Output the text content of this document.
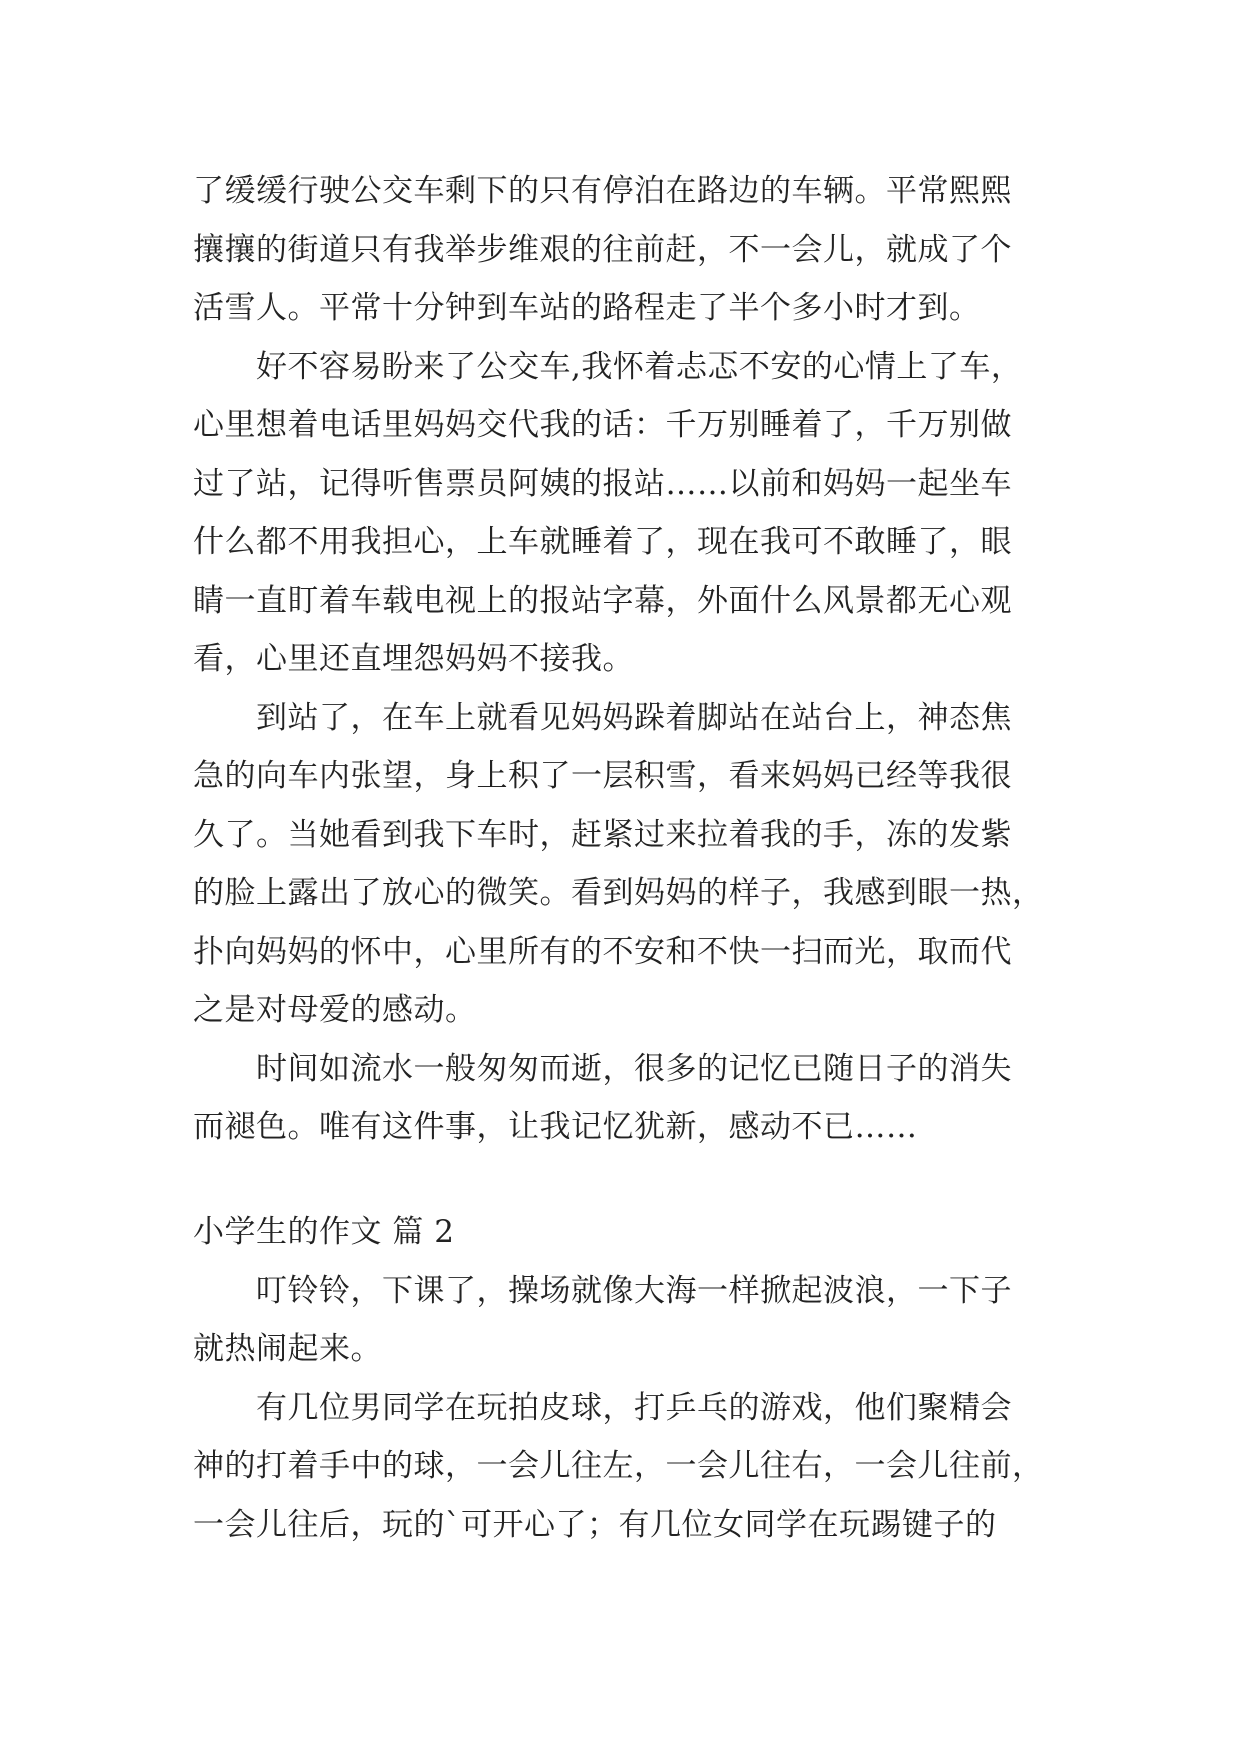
了缓缓行驶公交车剩下的只有停泊在路边的车辆。平常熙熙
攘攘的街道只有我举步维艰的往前赶，不一会儿，就成了个
活雪人。平常十分钟到车站的路程走了半个多小时才到。
好不容易盼来了公交车,我怀着忐忑不安的心情上了车，
心里想着电话里妈妈交代我的话：千万别睡着了，千万别做
过了站，记得听售票员阿姨的报站……以前和妈妈一起坐车
什么都不用我担心，上车就睡着了，现在我可不敢睡了，眼
睛一直盯着车载电视上的报站字幕，外面什么风景都无心观
看，心里还直埋怨妈妈不接我。
到站了，在车上就看见妈妈跺着脚站在站台上，神态焦
急的向车内张望，身上积了一层积雪，看来妈妈已经等我很
久了。当她看到我下车时，赶紧过来拉着我的手，冻的发紫
的脸上露出了放心的微笑。看到妈妈的样子，我感到眼一热，
扑向妈妈的怀中，心里所有的不安和不快一扫而光，取而代
之是对母爱的感动。
时间如流水一般匆匆而逝，很多的记忆已随日子的消失
而褪色。唯有这件事，让我记忆犹新，感动不已……
小学生的作文 篇 2
叮铃铃，下课了，操场就像大海一样掀起波浪，一下子
就热闹起来。
有几位男同学在玩拍皮球，打乒乓的游戏，他们聚精会
神的打着手中的球，一会儿往左，一会儿往右，一会儿往前，
一会儿往后，玩的`可开心了；有几位女同学在玩踢键子的
